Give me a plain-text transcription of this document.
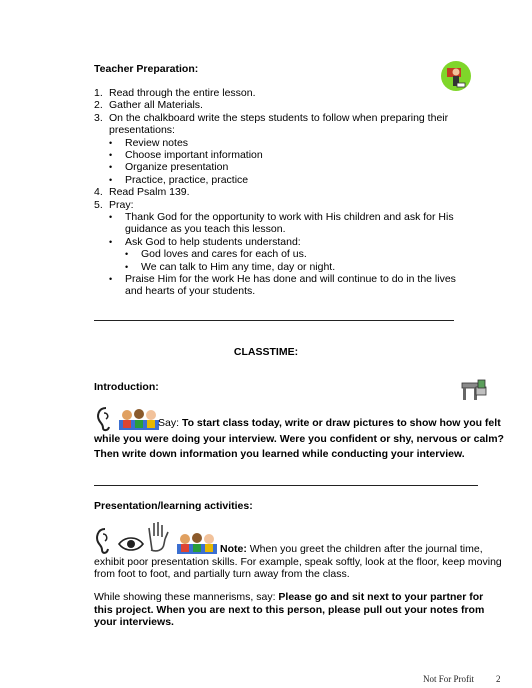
Teacher Preparation:
1. Read through the entire lesson.
2. Gather all Materials.
3. On the chalkboard write the steps students to follow when preparing their presentations:
• Review notes
• Choose important information
• Organize presentation
• Practice, practice, practice
4. Read Psalm 139.
5. Pray:
• Thank God for the opportunity to work with His children and ask for His guidance as you teach this lesson.
• Ask God to help students understand:
• God loves and cares for each of us.
• We can talk to Him any time, day or night.
• Praise Him for the work He has done and will continue to do in the lives and hearts of your students.
CLASSTIME:
Introduction:
Say: To start class today, write or draw pictures to show how you felt while you were doing your interview. Were you confident or shy, nervous or calm? Then write down information you learned while conducting your interview.
Presentation/learning activities:
Note: When you greet the children after the journal time, exhibit poor presentation skills. For example, speak softly, look at the floor, keep moving from foot to foot, and partially turn away from the class.
While showing these mannerisms, say: Please go and sit next to your partner for this project. When you are next to this person, please pull out your notes from your interviews.
Not For Profit 2
